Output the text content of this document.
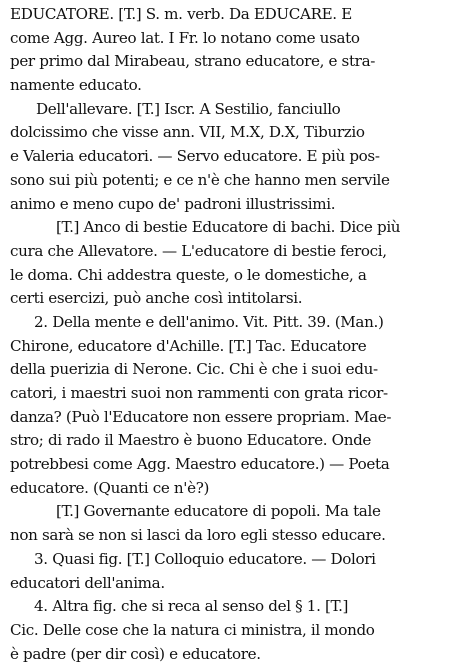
EDUCATORE. [T.] S. m. verb. Da EDUCARE. E
come Agg. Aureo lat. I Fr. lo notano come usato
per primo dal Mirabeau, strano educatore, e stra-
namente educato.
Dell'allevare. [T.] Iscr. A Sestilio, fanciullo
dolcissimo che visse ann. VII, M.X, D.X, Tiburzio
e Valeria educatori. — Servo educatore. E più pos-
sono sui più potenti; e ce n'è che hanno men servile
animo e meno cupo de' padroni illustrissimi.
[T.] Anco di bestie Educatore di bachi. Dice più
cura che Allevatore. — L'educatore di bestie feroci,
le doma. Chi addestra queste, o le domestiche, a
certi esercizi, può anche così intitolarsi.
2. Della mente e dell'animo. Vit. Pitt. 39. (Man.)
Chirone, educatore d'Achille. [T.] Tac. Educatore
della puerizia di Nerone. Cic. Chi è che i suoi edu-
catori, i maestri suoi non rammenti con grata ricor-
danza? (Può l'Educatore non essere propriam. Mae-
stro; di rado il Maestro è buono Educatore. Onde
potrebbesi come Agg. Maestro educatore.) — Poeta
educatore. (Quanti ce n'è?)
[T.] Governante educatore di popoli. Ma tale
non sarà se non si lasci da loro egli stesso educare.
3. Quasi fig. [T.] Colloquio educatore. — Dolori
educatori dell'anima.
4. Altra fig. che si reca al senso del § 1. [T.]
Cic. Delle cose che la natura ci ministra, il mondo
è padre (per dir così) e educatore.
